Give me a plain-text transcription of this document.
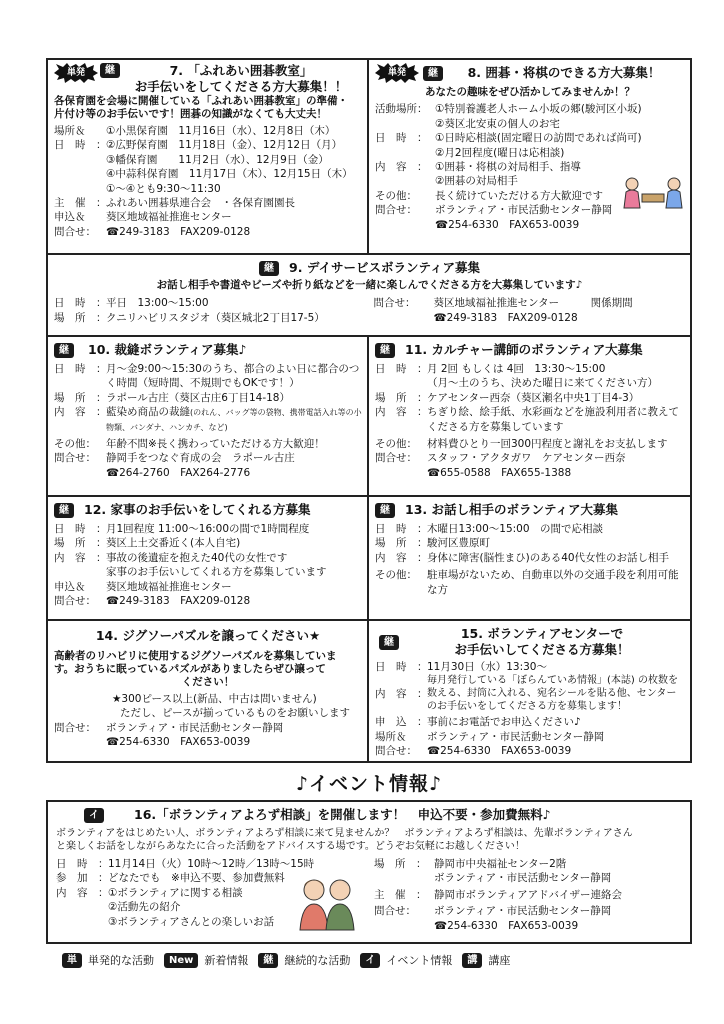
単発	継	7. 「ふれあい囲碁教室」
お手伝いをしてくださる方大募集！！
各保育園を会場に開催している「ふれあい囲碁教室」の準備・
片付け等のお手伝いです！囲碁の知識がなくても大丈夫！
場所＆	①小黒保育園　11月16日（水）、12月8日（木）
日　時　： ②広野保育園　11月18日（金）、12月12日（月）
③幡保育園　　11月2日（水）、12月9日（金）
④中蒜科保育園　11月17日（木）、12月15日（木）
①～④とも9:30～11:30
主　催　： ふれあい囲碁県連合会　・各保育園園長
申込＆	葵区地域福祉推進センター
問合せ： ☎249-3183　FAX209-0128
単発	継	8. 囲碁・将棋のできる方大募集！
あなたの趣味をぜひ活かしてみませんか！？
活動場所： ①特別養護老人ホーム小坂の郷(駿河区小坂)
②葵区北安東の個人のお宅
日　時　： ①日時応相談(固定曜日の訪問であれば尚可)
②月2回程度(曜日は応相談)
内　容　： ①囲碁・将棋の対局相手、指導
②囲碁の対局相手
その他：	長く続けていただける方大歓迎です
問合せ：	ボランティア・市民活動センター静岡
☎254-6330　FAX653-0039
継	9. デイサービスボランティア募集
お話し相手や書道やビーズや折り紙などを一緒に楽しんでくださる方を大募集しています♪
日　時　： 平日　13:00～15:00
場　所　： クニリハビリスタジオ（葵区城北2丁目17-5）
問合せ：	葵区地域福祉推進センター　　　	関係期間
☎249-3183　FAX209-0128
継	10. 裁縫ボランティア募集♪
日　時　： 月～金9:00～15:30のうち、都合のよい日に都合のつく時間（短時間、不規則でもOKです！）
場　所　： ラポール古庄（葵区古庄6丁目14-18）
内　容　： 藍染め商品の裁縫(のれん、バッグ等の袋物、携帯電話入れ等の小物類、バンダナ、ハンカチ、など)
その他： 年齢不問※長く携わっていただける方大歓迎！
問合せ： 静岡手をつなぐ育成の会　ラポール古庄
☎264-2760　FAX264-2776
継	11. カルチャー講師のボランティア大募集
日　時　： 月 2回 もしくは 4回　13:30～15:00
（月～土のうち、決めた曜日に来てください方）
場　所　： ケアセンター西奈（葵区瀬名中央1丁目4-3）
内　容　： ちぎり絵、絵手紙、水彩画などを施設利用者に教えてくださる方を募集しています
その他： 材料費ひとり一回300円程度と謝礼をお支払します
問合せ： スタッフ・アクタガワ　ケアセンター西奈
☎655-0588　FAX655-1388
継	12. 家事のお手伝いをしてくれる方募集
日　時　： 月1回程度 11:00～16:00の間で1時間程度
場　所　： 葵区上土交番近く(本人自宅)
内　容　： 事故の後遺症を抱えた40代の女性です
家事のお手伝いしてくれる方を募集しています
申込＆	葵区地域福祉推進センター
問合せ： ☎249-3183　FAX209-0128
継	13. お話し相手のボランティア大募集
日　時　： 木曜日13:00～15:00　の間で応相談
場　所　： 駿河区豊原町
内　容　： 身体に障害(脳性まひ)のある40代女性のお話し相手
その他： 駐車場がないため、自動車以外の交通手段を利用可能な方
14. ジグソーパズルを譲ってください★
高齢者のリハビリに使用するジグソーパズルを募集していま
す。おうちに眠っているパズルがありましたらぜひ譲って
ください！
★300ピース以上(新品、中古は問いません)
ただし、ピースが揃っているものをお願いします
問合せ： ボランティア・市民活動センター静岡
☎254-6330　FAX653-0039
継
15. ボランティアセンターで
お手伝いしてくださる方募集！
日　時　： 11月30日（水）13:30～
内　容　：
毎月発行している「ぼらんていあ情報」(本誌) の枚数を数える、封筒に入れる、宛名シールを貼る他、センターのお手伝いをしてくださる方を募集します！
申　込　： 事前にお電話でお申込ください♪
場所＆	ボランティア・市民活動センター静岡
問合せ： ☎254-6330　FAX653-0039
♪イベント情報♪
イ	16.「ボランティアよろず相談」を開催します！　申込不要・参加費無料♪
ボランティアをはじめたい人、ボランティアよろず相談に来て見ませんか？　ボランティアよろず相談は、先輩ボランティアさん
と楽しくお話をしながらあなたに合った活動をアドバイスする場です。どうぞお気軽にお越しください！
日　時　： 11月14日（火）10時～12時／13時～15時
参　加　： どなたでも　※申込不要、参加費無料
内　容　： ①ボランティアに関する相談
②活動先の紹介
③ボランティアさんとの楽しいお話
場　所　： 静岡市中央福祉センター2階
ボランティア・市民活動センター静岡
主　催　： 静岡市ボランティアアドバイザー連絡会
問合せ：	ボランティア・市民活動センター静岡
☎254-6330　FAX653-0039
単	単発的な活動	New	新着情報	継	継続的な活動	イ	イベント情報	講	講座
